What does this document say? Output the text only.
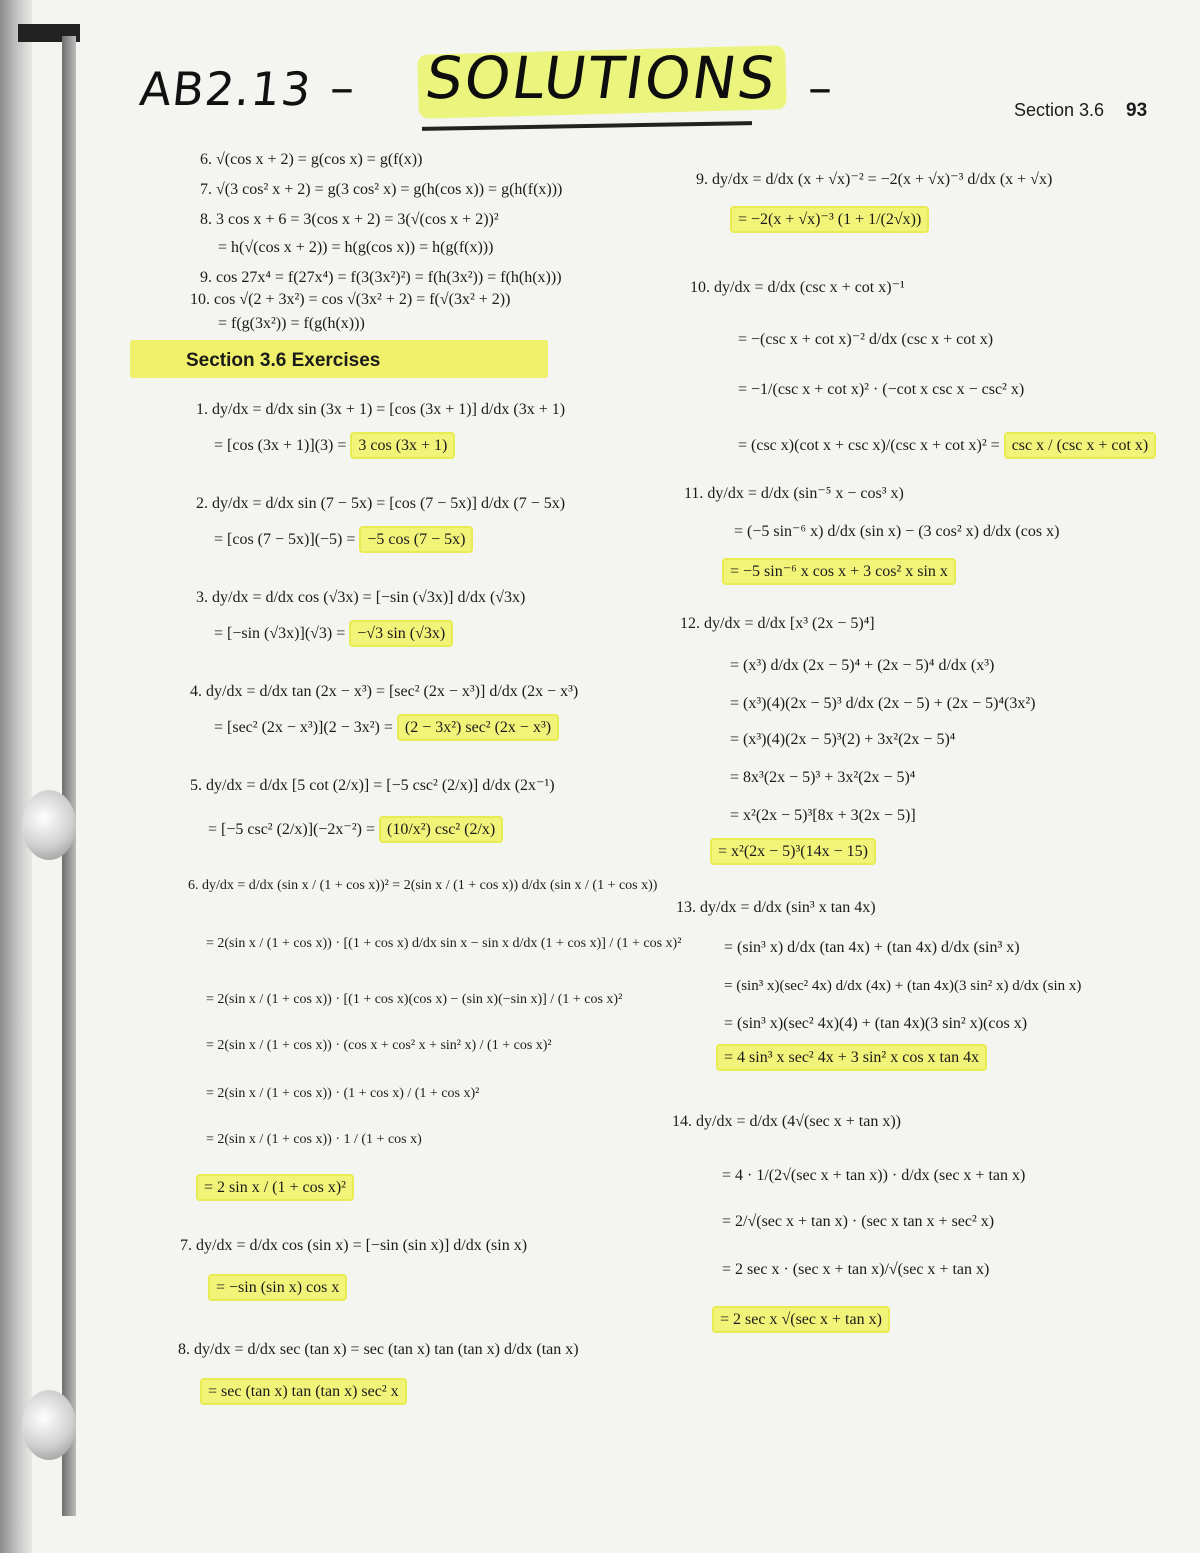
AB2.13 – SOLUTIONS –	Section 3.6 93
6. √(cos x + 2) = g(cos x) = g(f(x))
7. √(3 cos² x + 2) = g(3 cos² x) = g(h(cos x)) = g(h(f(x)))
8. 3 cos x + 6 = 3(cos x + 2) = 3(√(cos x + 2))²
= h(√(cos x + 2)) = h(g(cos x)) = h(g(f(x)))
9. cos 27x⁴ = f(27x⁴) = f(3(3x²)²) = f(h(3x²)) = f(h(h(x)))
10. cos √(2 + 3x²) = cos √(3x² + 2) = f(√(3x² + 2))
= f(g(3x²)) = f(g(h(x)))
Section 3.6 Exercises
1. dy/dx = d/dx sin (3x + 1) = [cos (3x + 1)] d/dx (3x + 1)
= [cos (3x + 1)](3) = 3 cos (3x + 1)
2. dy/dx = d/dx sin (7 − 5x) = [cos (7 − 5x)] d/dx (7 − 5x)
= [cos (7 − 5x)](−5) = −5 cos (7 − 5x)
3. dy/dx = d/dx cos (√3x) = [−sin (√3x)] d/dx (√3x)
= [−sin (√3x)](√3) = −√3 sin (√3x)
4. dy/dx = d/dx tan (2x − x³) = [sec² (2x − x³)] d/dx (2x − x³)
= [sec² (2x − x³)](2 − 3x²) = (2 − 3x²) sec² (2x − x³)
5. dy/dx = d/dx [5 cot (2/x)] = [−5 csc² (2/x)] d/dx (2x⁻¹)
= [−5 csc² (2/x)](−2x⁻²) = (10/x²) csc² (2/x)
6. dy/dx = d/dx (sin x / (1 + cos x))² = 2(sin x / (1 + cos x)) d/dx (sin x / (1 + cos x))
= 2(sin x / (1 + cos x)) · [(1 + cos x) d/dx sin x − sin x d/dx (1 + cos x)] / (1 + cos x)²
= 2(sin x / (1 + cos x)) · [(1 + cos x)(cos x) − (sin x)(−sin x)] / (1 + cos x)²
= 2(sin x / (1 + cos x)) · (cos x + cos² x + sin² x) / (1 + cos x)²
= 2(sin x / (1 + cos x)) · (1 + cos x) / (1 + cos x)²
= 2(sin x / (1 + cos x)) · 1 / (1 + cos x)
= 2 sin x / (1 + cos x)²
7. dy/dx = d/dx cos (sin x) = [−sin (sin x)] d/dx (sin x)
= −sin (sin x) cos x
8. dy/dx = d/dx sec (tan x) = sec (tan x) tan (tan x) d/dx (tan x)
= sec (tan x) tan (tan x) sec² x
9. dy/dx = d/dx (x + √x)⁻² = −2(x + √x)⁻³ d/dx (x + √x)
= −2(x + √x)⁻³ (1 + 1/(2√x))
10. dy/dx = d/dx (csc x + cot x)⁻¹
= −(csc x + cot x)⁻² d/dx (csc x + cot x)
= −1/(csc x + cot x)² · (−cot x csc x − csc² x)
= (csc x)(cot x + csc x)/(csc x + cot x)² = csc x / (csc x + cot x)
11. dy/dx = d/dx (sin⁻⁵ x − cos³ x)
= (−5 sin⁻⁶ x) d/dx (sin x) − (3 cos² x) d/dx (cos x)
= −5 sin⁻⁶ x cos x + 3 cos² x sin x
12. dy/dx = d/dx [x³ (2x − 5)⁴]
= (x³) d/dx (2x − 5)⁴ + (2x − 5)⁴ d/dx (x³)
= (x³)(4)(2x − 5)³ d/dx (2x − 5) + (2x − 5)⁴(3x²)
= (x³)(4)(2x − 5)³(2) + 3x²(2x − 5)⁴
= 8x³(2x − 5)³ + 3x²(2x − 5)⁴
= x²(2x − 5)³[8x + 3(2x − 5)]
= x²(2x − 5)³(14x − 15)
13. dy/dx = d/dx (sin³ x tan 4x)
= (sin³ x) d/dx (tan 4x) + (tan 4x) d/dx (sin³ x)
= (sin³ x)(sec² 4x) d/dx (4x) + (tan 4x)(3 sin² x) d/dx (sin x)
= (sin³ x)(sec² 4x)(4) + (tan 4x)(3 sin² x)(cos x)
= 4 sin³ x sec² 4x + 3 sin² x cos x tan 4x
14. dy/dx = d/dx (4√(sec x + tan x))
= 4 · 1/(2√(sec x + tan x)) · d/dx (sec x + tan x)
= 2/√(sec x + tan x) · (sec x tan x + sec² x)
= 2 sec x · (sec x + tan x)/√(sec x + tan x)
= 2 sec x √(sec x + tan x)
